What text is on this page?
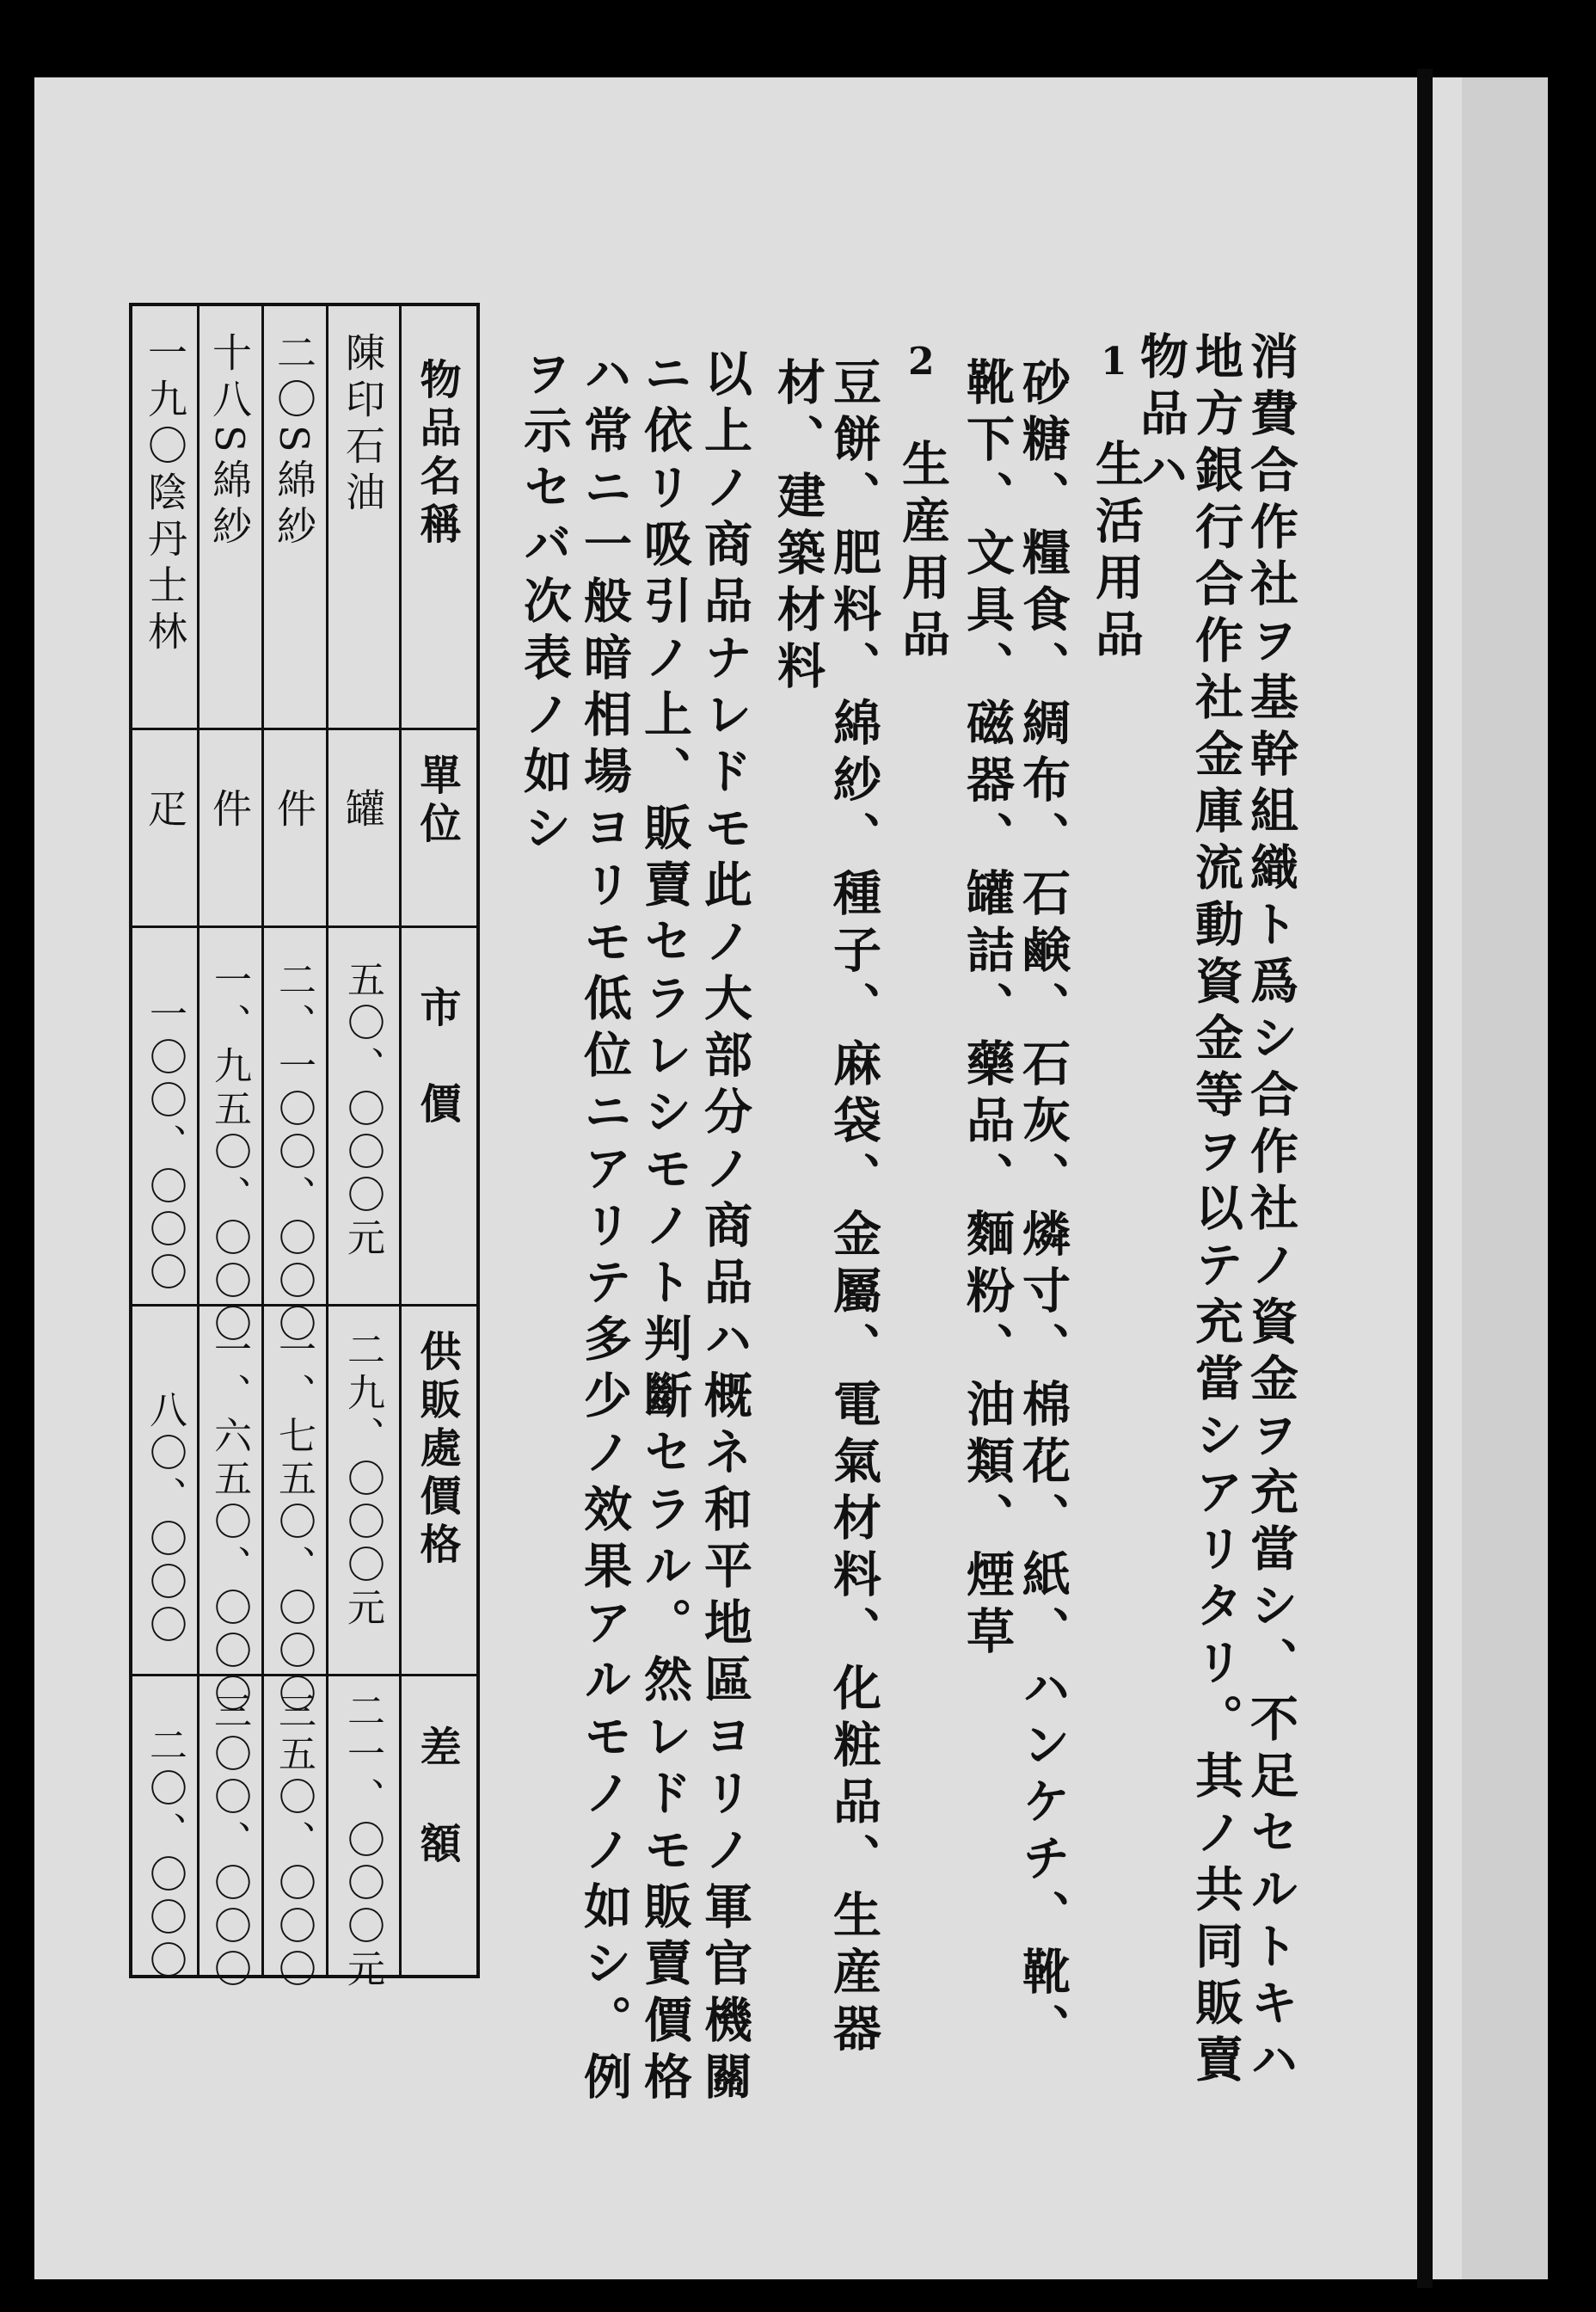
消費合作社ヲ基幹組織ト爲シ合作社ノ資金ヲ充當シ、不足セルトキハ
地方銀行合作社金庫流動資金等ヲ以テ充當シアリタリ。其ノ共同販賣
物品ハ
1
生活用品
砂糖、糧食、綢布、石鹸、石灰、燐寸、棉花、紙、ハンケチ、靴、
靴下、文具、磁器、罐詰、藥品、麵粉、油類、煙草
2
生産用品
豆餅、肥料、綿紗、種子、麻袋、金屬、電氣材料、化粧品、生産器
材、建築材料
以上ノ商品ナレドモ此ノ大部分ノ商品ハ概ネ和平地區ヨリノ軍官機關
ニ依リ吸引ノ上、販賣セラレシモノト判斷セラル。然レドモ販賣價格
ハ常ニ一般暗相場ヨリモ低位ニアリテ多少ノ效果アルモノノ如シ。例
ヲ示セバ次表ノ如シ
物品名稱
單位
市　價
供販處價格
差　額
陳印石油
罐
五〇、〇〇〇元
二九、〇〇〇元
二一、〇〇〇元
二〇S綿紗
件
二、一〇〇、〇〇〇
一、七五〇、〇〇〇
三五〇、〇〇〇
十八S綿紗
件
一、九五〇、〇〇〇
一、六五〇、〇〇〇
三〇〇、〇〇〇
一九〇陰丹士林
疋
一〇〇、〇〇〇
八〇、〇〇〇
二〇、〇〇〇
